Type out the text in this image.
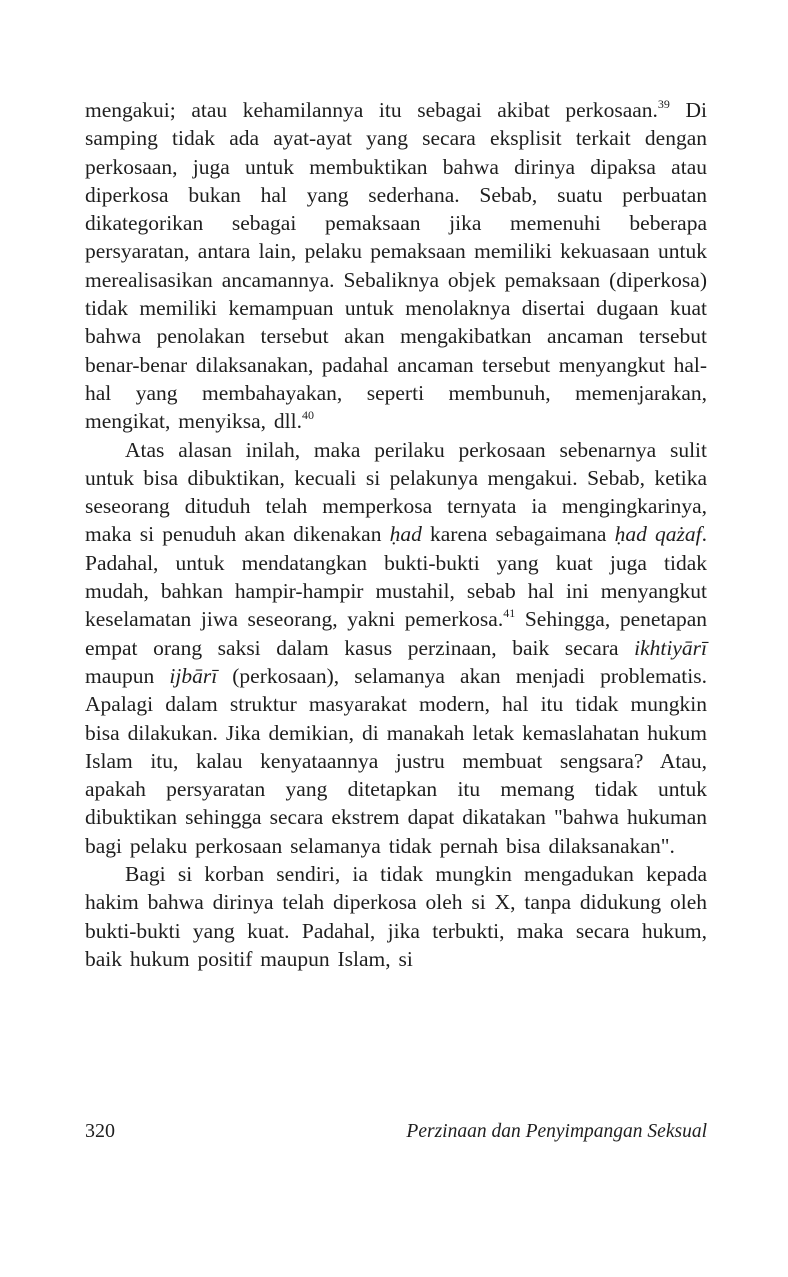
mengakui; atau kehamilannya itu sebagai akibat perkosaan.$^{39}$ Di samping tidak ada ayat-ayat yang secara eksplisit terkait dengan perkosaan, juga untuk membuktikan bahwa dirinya dipaksa atau diperkosa bukan hal yang sederhana. Sebab, suatu perbuatan dikategorikan sebagai pemaksaan jika memenuhi beberapa persyaratan, antara lain, pelaku pemaksaan memiliki kekuasaan untuk merealisasikan ancamannya. Sebaliknya objek pemaksaan (diperkosa) tidak memiliki kemampuan untuk menolaknya disertai dugaan kuat bahwa penolakan tersebut akan mengakibatkan ancaman tersebut benar-benar dilaksanakan, padahal ancaman tersebut menyangkut hal-hal yang membahayakan, seperti membunuh, memenjarakan, mengikat, menyiksa, dll.$^{40}$

Atas alasan inilah, maka perilaku perkosaan sebenarnya sulit untuk bisa dibuktikan, kecuali si pelakunya mengakui. Sebab, ketika seseorang dituduh telah memperkosa ternyata ia mengingkarinya, maka si penuduh akan dikenakan ḥad karena sebagaimana ḥad qażaf. Padahal, untuk mendatangkan bukti-bukti yang kuat juga tidak mudah, bahkan hampir-hampir mustahil, sebab hal ini menyangkut keselamatan jiwa seseorang, yakni pemerkosa.$^{41}$ Sehingga, penetapan empat orang saksi dalam kasus perzinaan, baik secara ikhtiyārī maupun ijbārī (perkosaan), selamanya akan menjadi problematis. Apalagi dalam struktur masyarakat modern, hal itu tidak mungkin bisa dilakukan. Jika demikian, di manakah letak kemaslahatan hukum Islam itu, kalau kenyataannya justru membuat sengsara? Atau, apakah persyaratan yang ditetapkan itu memang tidak untuk dibuktikan sehingga secara ekstrem dapat dikatakan "bahwa hukuman bagi pelaku perkosaan selamanya tidak pernah bisa dilaksanakan".

Bagi si korban sendiri, ia tidak mungkin mengadukan kepada hakim bahwa dirinya telah diperkosa oleh si X, tanpa didukung oleh bukti-bukti yang kuat. Padahal, jika terbukti, maka secara hukum, baik hukum positif maupun Islam, si

320	Perzinaan dan Penyimpangan Seksual
